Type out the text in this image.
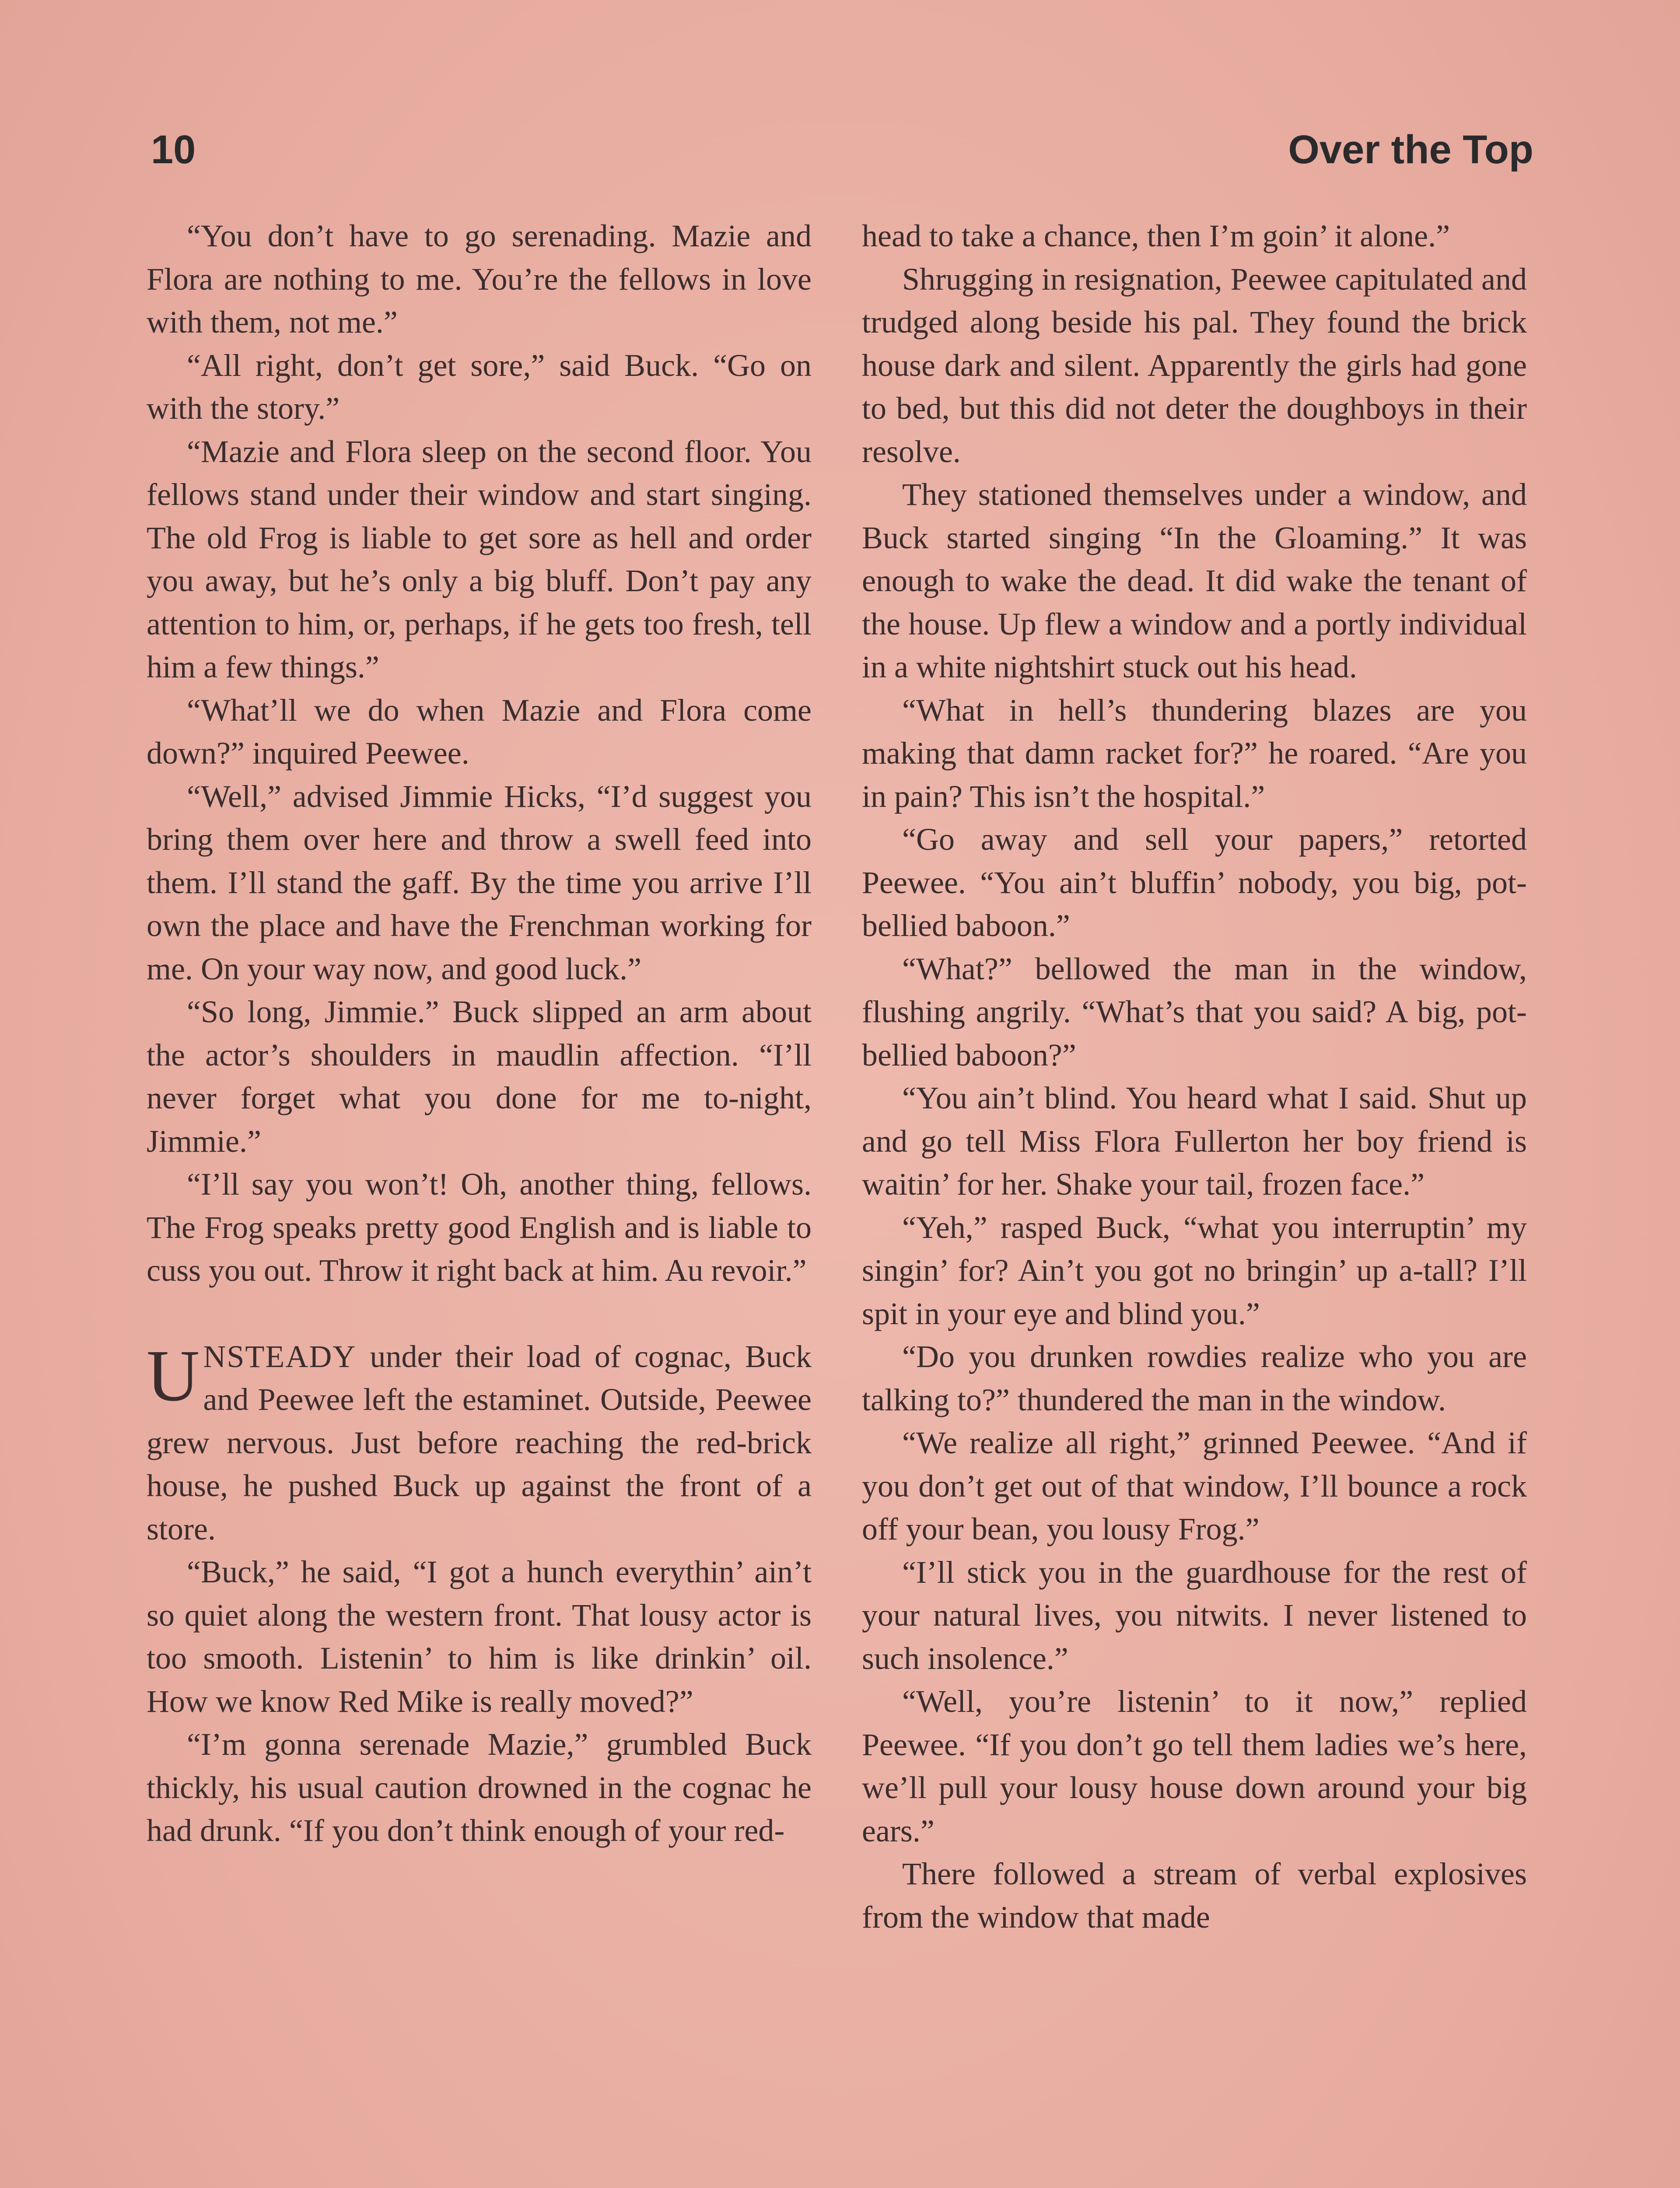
10	Over the Top

“You don’t have to go serenading. Mazie and Flora are nothing to me. You’re the fellows in love with them, not me.”

“All right, don’t get sore,” said Buck. “Go on with the story.”

“Mazie and Flora sleep on the second floor. You fellows stand under their window and start singing. The old Frog is liable to get sore as hell and order you away, but he’s only a big bluff. Don’t pay any attention to him, or, perhaps, if he gets too fresh, tell him a few things.”

“What’ll we do when Mazie and Flora come down?” inquired Peewee.

“Well,” advised Jimmie Hicks, “I’d suggest you bring them over here and throw a swell feed into them. I’ll stand the gaff. By the time you arrive I’ll own the place and have the Frenchman working for me. On your way now, and good luck.”

“So long, Jimmie.” Buck slipped an arm about the actor’s shoulders in maudlin affection. “I’ll never forget what you done for me to-night, Jimmie.”

“I’ll say you won’t! Oh, another thing, fellows. The Frog speaks pretty good English and is liable to cuss you out. Throw it right back at him. Au revoir.”

UNSTEADY under their load of cognac, Buck and Peewee left the estaminet. Outside, Peewee grew nervous. Just before reaching the red-brick house, he pushed Buck up against the front of a store.

“Buck,” he said, “I got a hunch everythin’ ain’t so quiet along the western front. That lousy actor is too smooth. Listenin’ to him is like drinkin’ oil. How we know Red Mike is really moved?”

“I’m gonna serenade Mazie,” grumbled Buck thickly, his usual caution drowned in the cognac he had drunk. “If you don’t think enough of your red-

head to take a chance, then I’m goin’ it alone.”

Shrugging in resignation, Peewee capitulated and trudged along beside his pal. They found the brick house dark and silent. Apparently the girls had gone to bed, but this did not deter the doughboys in their resolve.

They stationed themselves under a window, and Buck started singing “In the Gloaming.” It was enough to wake the dead. It did wake the tenant of the house. Up flew a window and a portly individual in a white nightshirt stuck out his head.

“What in hell’s thundering blazes are you making that damn racket for?” he roared. “Are you in pain? This isn’t the hospital.”

“Go away and sell your papers,” retorted Peewee. “You ain’t bluffin’ nobody, you big, pot-bellied baboon.”

“What?” bellowed the man in the window, flushing angrily. “What’s that you said? A big, pot-bellied baboon?”

“You ain’t blind. You heard what I said. Shut up and go tell Miss Flora Fullerton her boy friend is waitin’ for her. Shake your tail, frozen face.”

“Yeh,” rasped Buck, “what you interruptin’ my singin’ for? Ain’t you got no bringin’ up a-tall? I’ll spit in your eye and blind you.”

“Do you drunken rowdies realize who you are talking to?” thundered the man in the window.

“We realize all right,” grinned Peewee. “And if you don’t get out of that window, I’ll bounce a rock off your bean, you lousy Frog.”

“I’ll stick you in the guardhouse for the rest of your natural lives, you nitwits. I never listened to such insolence.”

“Well, you’re listenin’ to it now,” replied Peewee. “If you don’t go tell them ladies we’s here, we’ll pull your lousy house down around your big ears.”

There followed a stream of verbal explosives from the window that made
